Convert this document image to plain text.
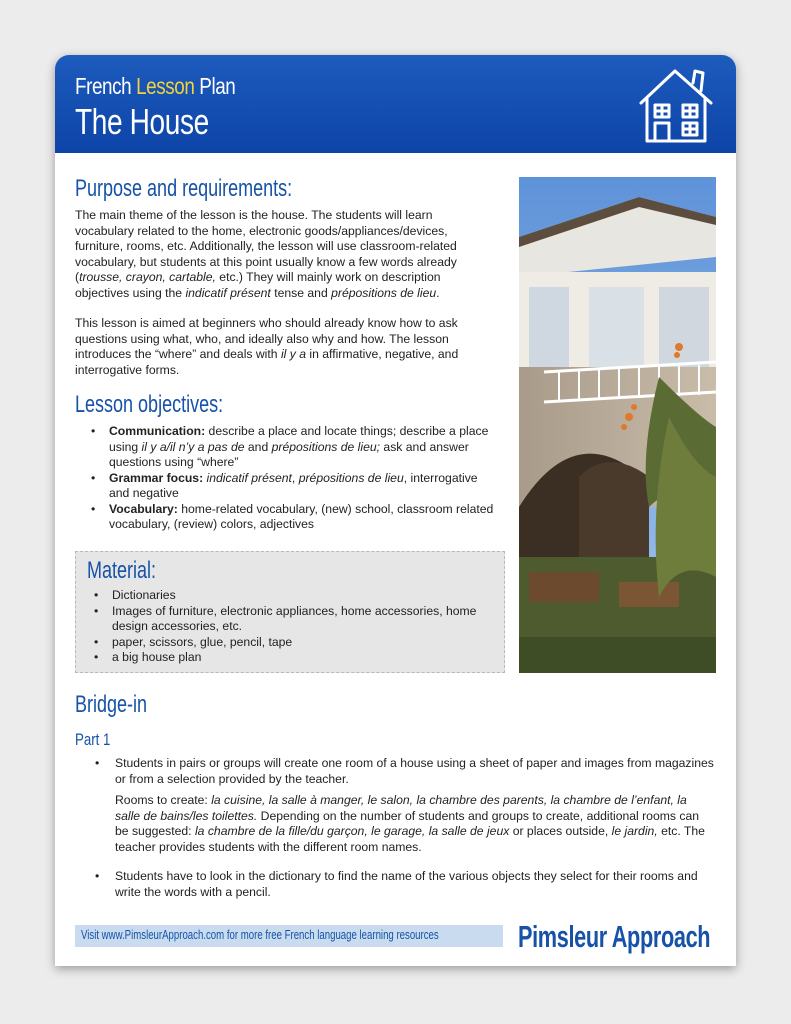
French Lesson Plan
The House
Purpose and requirements:
The main theme of the lesson is the house. The students will learn vocabulary related to the home, electronic goods/appliances/devices, furniture, rooms, etc. Additionally, the lesson will use classroom-related vocabulary, but students at this point usually know a few words already (trousse, crayon, cartable, etc.) They will mainly work on description objectives using the indicatif présent tense and prépositions de lieu.
This lesson is aimed at beginners who should already know how to ask questions using what, who, and ideally also why and how. The lesson introduces the “where” and deals with il y a in affirmative, negative, and interrogative forms.
Lesson objectives:
• Communication: describe a place and locate things; describe a place using il y a/il n’y a pas de and prépositions de lieu; ask and answer questions using “where”
• Grammar focus: indicatif présent, prépositions de lieu, interrogative and negative
• Vocabulary: home-related vocabulary, (new) school, classroom related vocabulary, (review) colors, adjectives
Material:
• Dictionaries
• Images of furniture, electronic appliances, home accessories, home design accessories, etc.
• paper, scissors, glue, pencil, tape
• a big house plan
Bridge-in
Part 1
• Students in pairs or groups will create one room of a house using a sheet of paper and images from magazines or from a selection provided by the teacher.
Rooms to create: la cuisine, la salle à manger, le salon, la chambre des parents, la chambre de l’enfant, la salle de bains/les toilettes. Depending on the number of students and groups to create, additional rooms can be suggested: la chambre de la fille/du garçon, le garage, la salle de jeux or places outside, le jardin, etc. The teacher provides students with the different room names.
• Students have to look in the dictionary to find the name of the various objects they select for their rooms and write the words with a pencil.
Visit www.PimsleurApproach.com for more free French language learning resources	Pimsleur Approach
